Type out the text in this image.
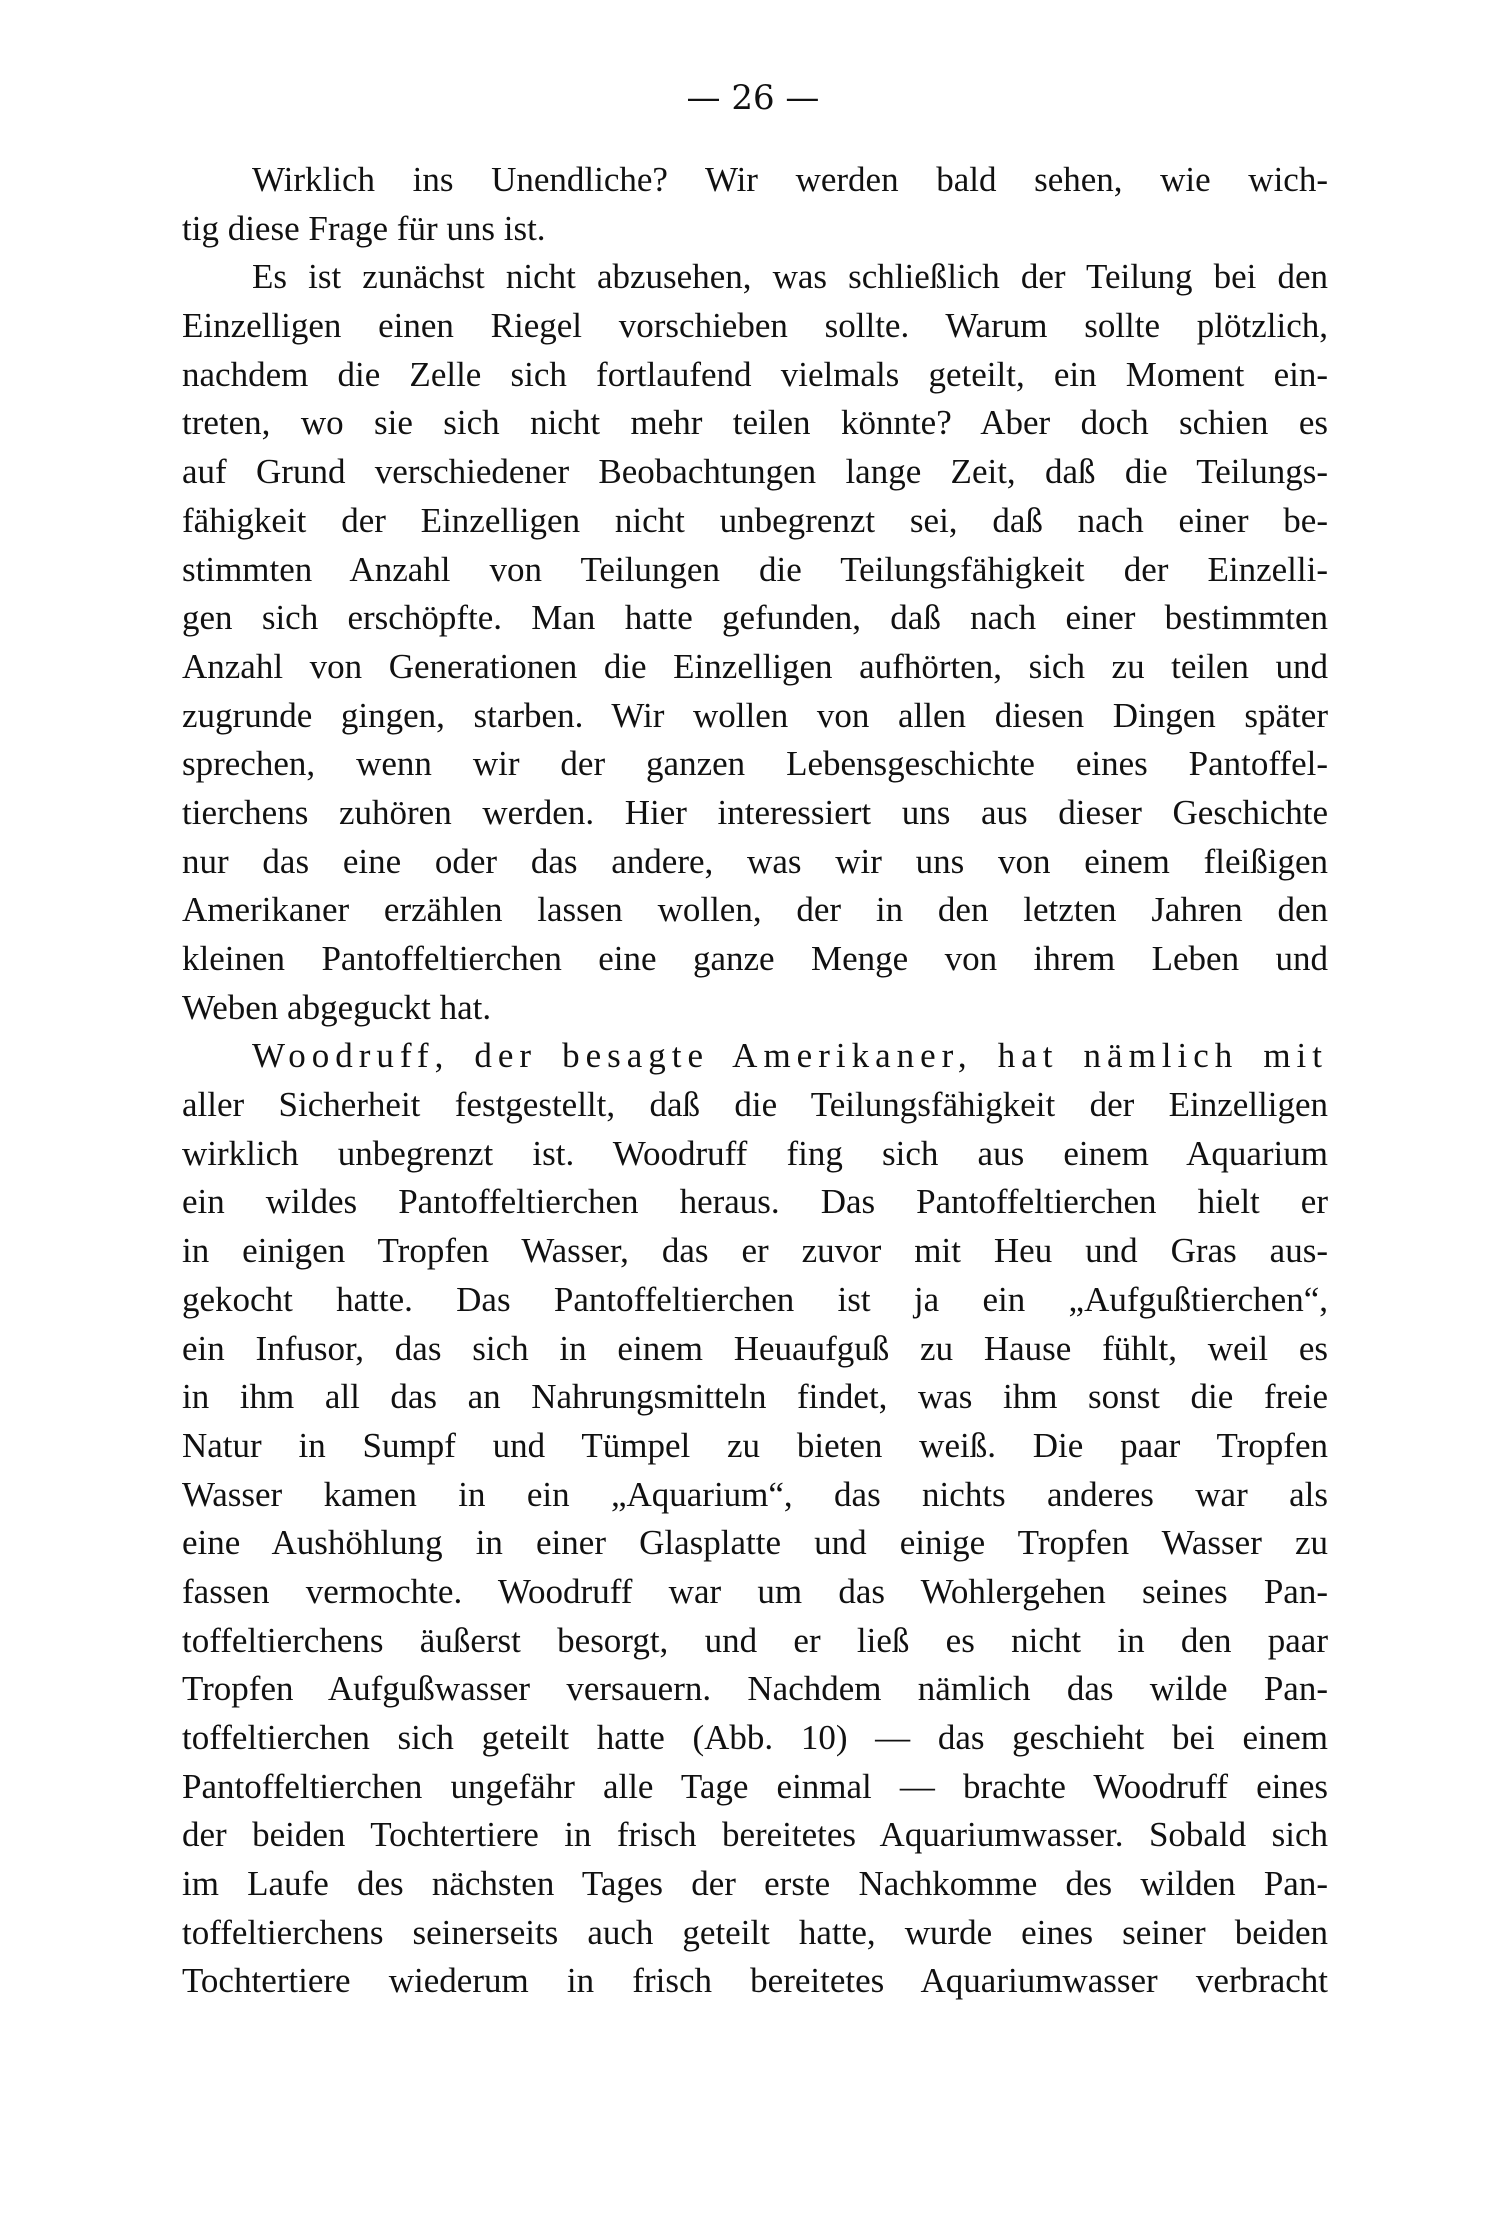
— 26 —
Wirklich ins Unendliche? Wir werden bald sehen, wie wich-
tig diese Frage für uns ist.
Es ist zunächst nicht abzusehen, was schließlich der Teilung bei den
Einzelligen einen Riegel vorschieben sollte. Warum sollte plötzlich,
nachdem die Zelle sich fortlaufend vielmals geteilt, ein Moment ein-
treten, wo sie sich nicht mehr teilen könnte? Aber doch schien es
auf Grund verschiedener Beobachtungen lange Zeit, daß die Teilungs-
fähigkeit der Einzelligen nicht unbegrenzt sei, daß nach einer be-
stimmten Anzahl von Teilungen die Teilungsfähigkeit der Einzelli-
gen sich erschöpfte. Man hatte gefunden, daß nach einer bestimmten
Anzahl von Generationen die Einzelligen aufhörten, sich zu teilen und
zugrunde gingen, starben. Wir wollen von allen diesen Dingen später
sprechen, wenn wir der ganzen Lebensgeschichte eines Pantoffel-
tierchens zuhören werden. Hier interessiert uns aus dieser Geschichte
nur das eine oder das andere, was wir uns von einem fleißigen
Amerikaner erzählen lassen wollen, der in den letzten Jahren den
kleinen Pantoffeltierchen eine ganze Menge von ihrem Leben und
Weben abgeguckt hat.
Woodruff, der besagte Amerikaner, hat nämlich mit
aller Sicherheit festgestellt, daß die Teilungsfähigkeit der Einzelligen
wirklich unbegrenzt ist. Woodruff fing sich aus einem Aquarium
ein wildes Pantoffeltierchen heraus. Das Pantoffeltierchen hielt er
in einigen Tropfen Wasser, das er zuvor mit Heu und Gras aus-
gekocht hatte. Das Pantoffeltierchen ist ja ein „Aufgußtierchen“,
ein Infusor, das sich in einem Heuaufguß zu Hause fühlt, weil es
in ihm all das an Nahrungsmitteln findet, was ihm sonst die freie
Natur in Sumpf und Tümpel zu bieten weiß. Die paar Tropfen
Wasser kamen in ein „Aquarium“, das nichts anderes war als
eine Aushöhlung in einer Glasplatte und einige Tropfen Wasser zu
fassen vermochte. Woodruff war um das Wohlergehen seines Pan-
toffeltierchens äußerst besorgt, und er ließ es nicht in den paar
Tropfen Aufgußwasser versauern. Nachdem nämlich das wilde Pan-
toffeltierchen sich geteilt hatte (Abb. 10) — das geschieht bei einem
Pantoffeltierchen ungefähr alle Tage einmal — brachte Woodruff eines
der beiden Tochtertiere in frisch bereitetes Aquariumwasser. Sobald sich
im Laufe des nächsten Tages der erste Nachkomme des wilden Pan-
toffeltierchens seinerseits auch geteilt hatte, wurde eines seiner beiden
Tochtertiere wiederum in frisch bereitetes Aquariumwasser verbracht
